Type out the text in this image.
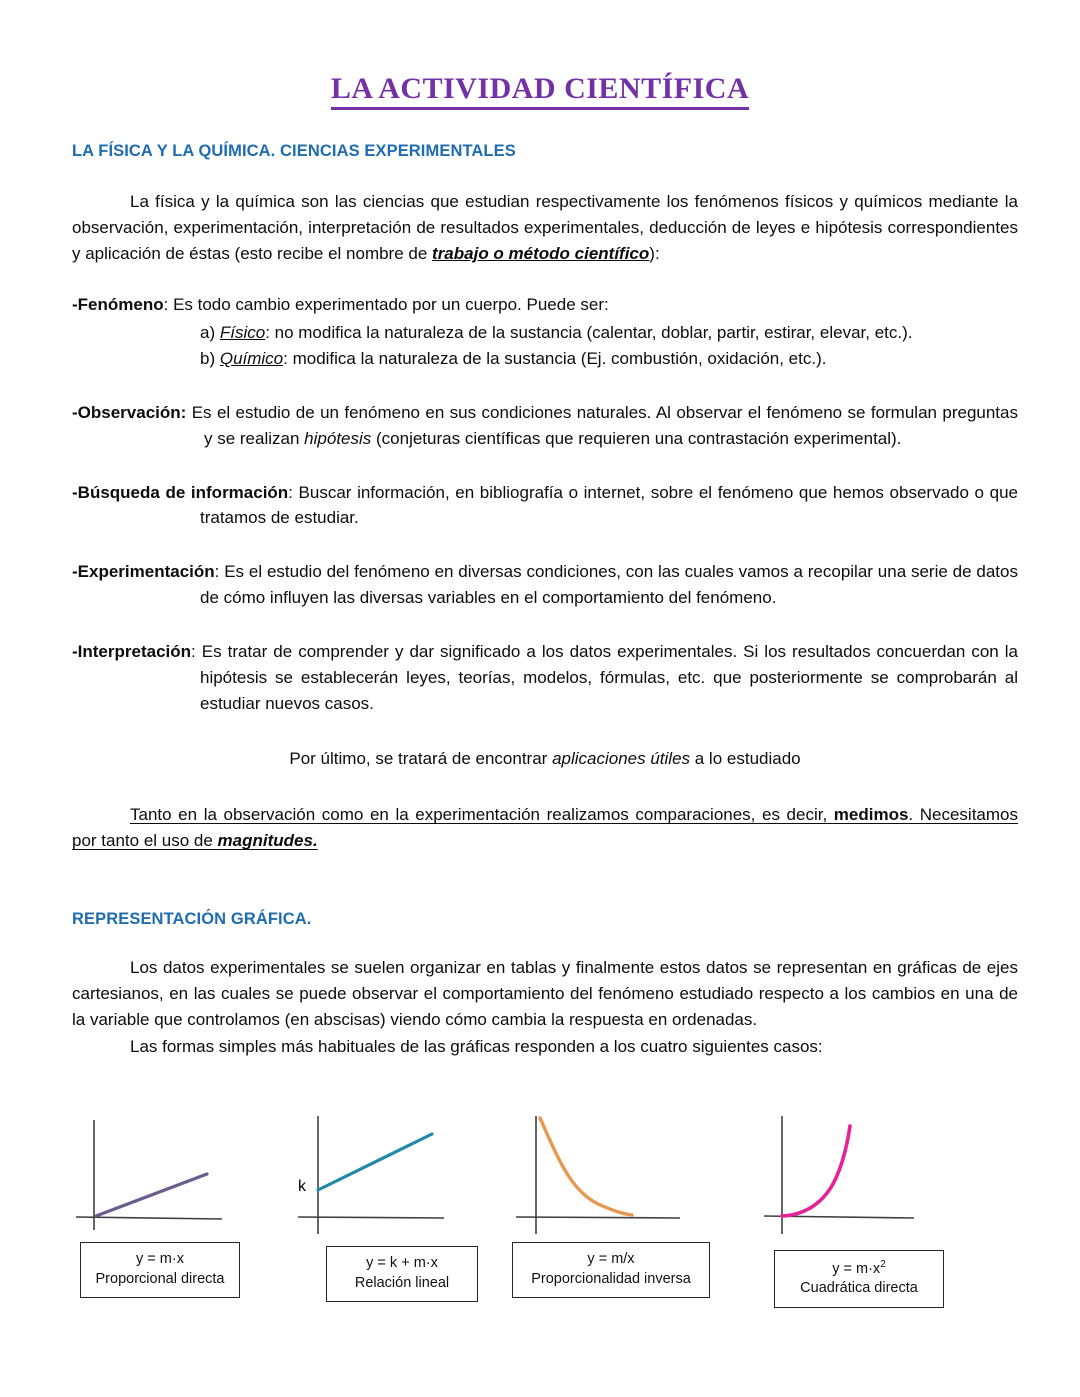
LA ACTIVIDAD CIENTÍFICA
LA FÍSICA Y LA QUÍMICA. CIENCIAS EXPERIMENTALES

La física y la química son las ciencias que estudian respectivamente los fenómenos físicos y químicos mediante la observación, experimentación, interpretación de resultados experimentales, deducción de leyes e hipótesis correspondientes y aplicación de éstas (esto recibe el nombre de trabajo o método científico):

-Fenómeno: Es todo cambio experimentado por un cuerpo. Puede ser:

a) Físico: no modifica la naturaleza de la sustancia (calentar, doblar, partir, estirar, elevar, etc.).

b) Químico: modifica la naturaleza de la sustancia (Ej. combustión, oxidación, etc.).

-Observación: Es el estudio de un fenómeno en sus condiciones naturales. Al observar el fenómeno se formulan preguntas y se realizan hipótesis (conjeturas científicas que requieren una contrastación experimental).

-Búsqueda de información: Buscar información, en bibliografía o internet, sobre el fenómeno que hemos observado o que tratamos de estudiar.

-Experimentación: Es el estudio del fenómeno en diversas condiciones, con las cuales vamos a recopilar una serie de datos de cómo influyen las diversas variables en el comportamiento del fenómeno.

-Interpretación: Es tratar de comprender y dar significado a los datos experimentales. Si los resultados concuerdan con la hipótesis se establecerán leyes, teorías, modelos, fórmulas, etc. que posteriormente se comprobarán al estudiar nuevos casos.

Por último, se tratará de encontrar aplicaciones útiles a lo estudiado

Tanto en la observación como en la experimentación realizamos comparaciones, es decir, medimos. Necesitamos por tanto el uso de magnitudes.

REPRESENTACIÓN GRÁFICA.

Los datos experimentales se suelen organizar en tablas y finalmente estos datos se representan en gráficas de ejes cartesianos, en las cuales se puede observar el comportamiento del fenómeno estudiado respecto a los cambios en una de la variable que controlamos (en abscisas) viendo cómo cambia la respuesta en ordenadas.

Las formas simples más habituales de las gráficas responden a los cuatro siguientes casos:

y = m·x
Proporcional directa
k
y = k + m·x
Relación lineal
y = m/x
Proporcionalidad inversa
$y = m\cdot x^2$
Cuadrática directa
